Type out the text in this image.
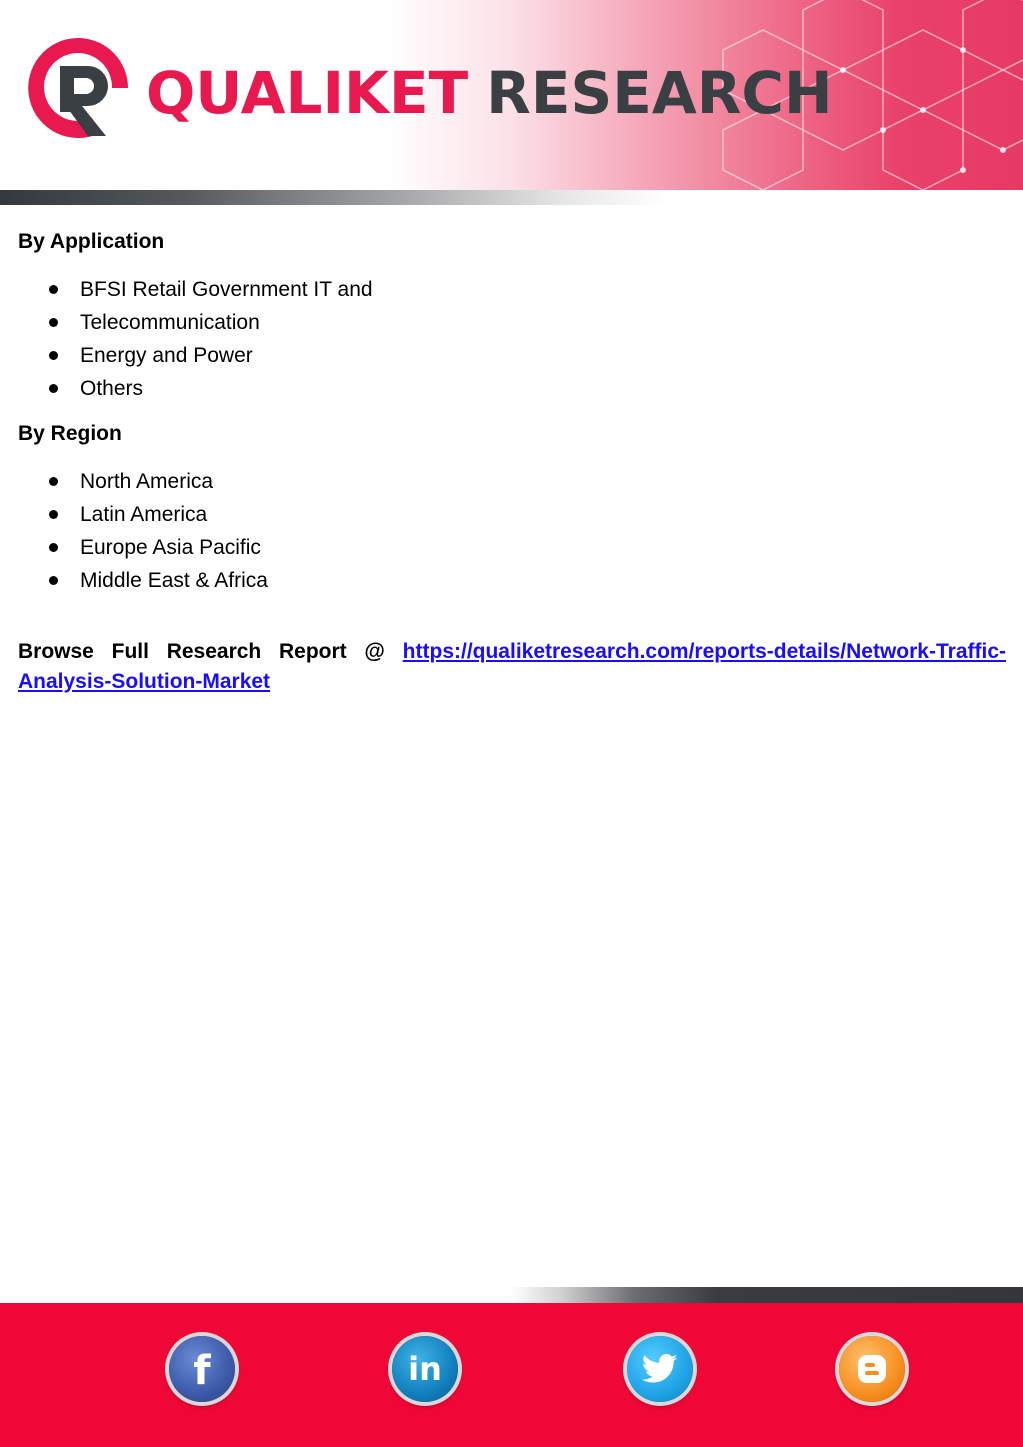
QUALIKET RESEARCH

By Application

BFSI Retail Government IT and
Telecommunication
Energy and Power
Others

By Region

North America
Latin America
Europe Asia Pacific
Middle East & Africa

Browse Full Research Report @ https://qualiketresearch.com/reports-details/Network-Traffic-Analysis-Solution-Market

f	in
